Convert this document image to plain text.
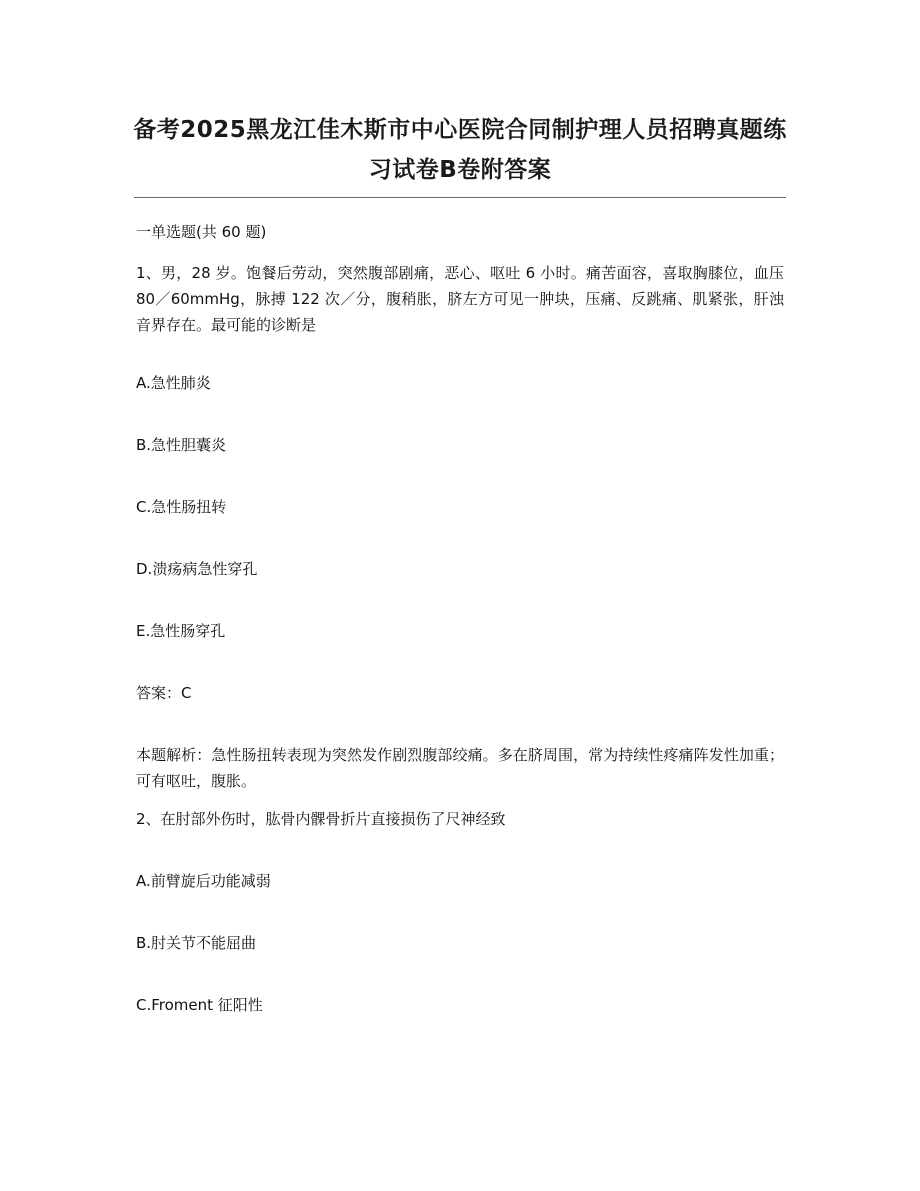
备考2025黑龙江佳木斯市中心医院合同制护理人员招聘真题练习试卷B卷附答案
一单选题(共 60 题)
1、男，28 岁。饱餐后劳动，突然腹部剧痛，恶心、呕吐 6 小时。痛苦面容，喜取胸膝位，血压 80／60mmHg，脉搏 122 次／分，腹稍胀，脐左方可见一肿块，压痛、反跳痛、肌紧张，肝浊音界存在。最可能的诊断是
A.急性肺炎
B.急性胆囊炎
C.急性肠扭转
D.溃疡病急性穿孔
E.急性肠穿孔
答案：C
本题解析：急性肠扭转表现为突然发作剧烈腹部绞痛。多在脐周围，常为持续性疼痛阵发性加重；可有呕吐，腹胀。
2、在肘部外伤时，肱骨内髁骨折片直接损伤了尺神经致
A.前臂旋后功能减弱
B.肘关节不能屈曲
C.Froment 征阳性
